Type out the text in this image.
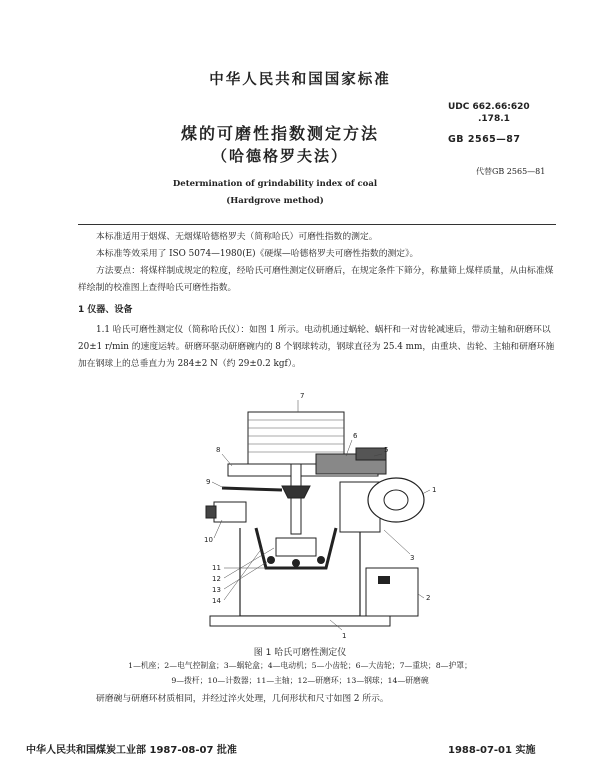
中华人民共和国国家标准
UDC 662.66:620
.178.1
GB 2565—87
代替GB 2565—81
煤的可磨性指数测定方法
（哈德格罗夫法）
Determination of grindability index of coal
(Hardgrove method)
本标准适用于烟煤、无烟煤哈德格罗夫（简称哈氏）可磨性指数的测定。
本标准等效采用了 ISO 5074—1980(E)《硬煤—哈德格罗夫可磨性指数的测定》。
方法要点：将煤样制成规定的粒度，经哈氏可磨性测定仪研磨后，在规定条件下筛分，称量筛上煤样质量，从由标准煤样绘制的校准图上查得哈氏可磨性指数。
1 仪器、设备
1.1 哈氏可磨性测定仪（简称哈氏仪）：如图 1 所示。电动机通过蜗轮、蜗杆和一对齿轮减速后，带动主轴和研磨环以 20±1 r/min 的速度运转。研磨环驱动研磨碗内的 8 个钢球转动，钢球直径为 25.4 mm，由重块、齿轮、主轴和研磨环施加在钢球上的总垂直力为 284±2 N（约 29±0.2 kgf）。
7
8
6
5
1
9
10
3
11
12
13
14	2
1
图 1 哈氏可磨性测定仪
1—机座；2—电气控制盒；3—蜗轮盒；4—电动机；5—小齿轮；6—大齿轮；7—重块；8—护罩；
9—拨杆；10—计数器；11—主轴；12—研磨环；13—钢球；14—研磨碗
研磨碗与研磨环材质相同，并经过淬火处理，几何形状和尺寸如图 2 所示。
中华人民共和国煤炭工业部 1987-08-07 批准	1988-07-01 实施
